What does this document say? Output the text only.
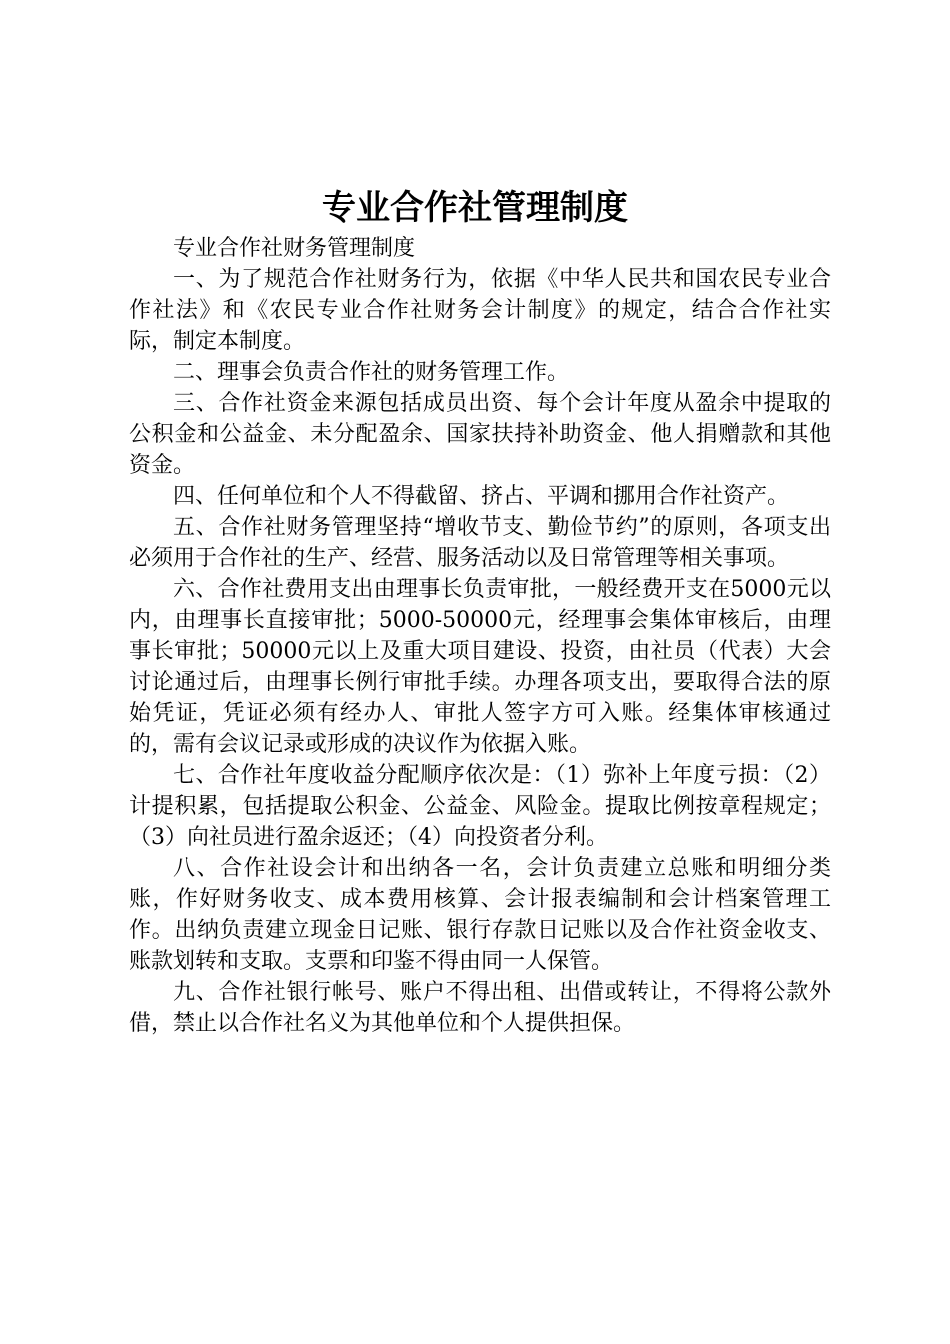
专业合作社管理制度

专业合作社财务管理制度

一、为了规范合作社财务行为，依据《中华人民共和国农民专业合作社法》和《农民专业合作社财务会计制度》的规定，结合合作社实际，制定本制度。

二、理事会负责合作社的财务管理工作。

三、合作社资金来源包括成员出资、每个会计年度从盈余中提取的公积金和公益金、未分配盈余、国家扶持补助资金、他人捐赠款和其他资金。

四、任何单位和个人不得截留、挤占、平调和挪用合作社资产。

五、合作社财务管理坚持“增收节支、勤俭节约”的原则，各项支出必须用于合作社的生产、经营、服务活动以及日常管理等相关事项。

六、合作社费用支出由理事长负责审批，一般经费开支在5000元以内，由理事长直接审批；5000-50000元，经理事会集体审核后，由理事长审批；50000元以上及重大项目建设、投资，由社员（代表）大会讨论通过后，由理事长例行审批手续。办理各项支出，要取得合法的原始凭证，凭证必须有经办人、审批人签字方可入账。经集体审核通过的，需有会议记录或形成的决议作为依据入账。

七、合作社年度收益分配顺序依次是：（1）弥补上年度亏损：（2）计提积累，包括提取公积金、公益金、风险金。提取比例按章程规定；（3）向社员进行盈余返还；（4）向投资者分利。

八、合作社设会计和出纳各一名，会计负责建立总账和明细分类账，作好财务收支、成本费用核算、会计报表编制和会计档案管理工作。出纳负责建立现金日记账、银行存款日记账以及合作社资金收支、账款划转和支取。支票和印鉴不得由同一人保管。

九、合作社银行帐号、账户不得出租、出借或转让，不得将公款外借，禁止以合作社名义为其他单位和个人提供担保。
